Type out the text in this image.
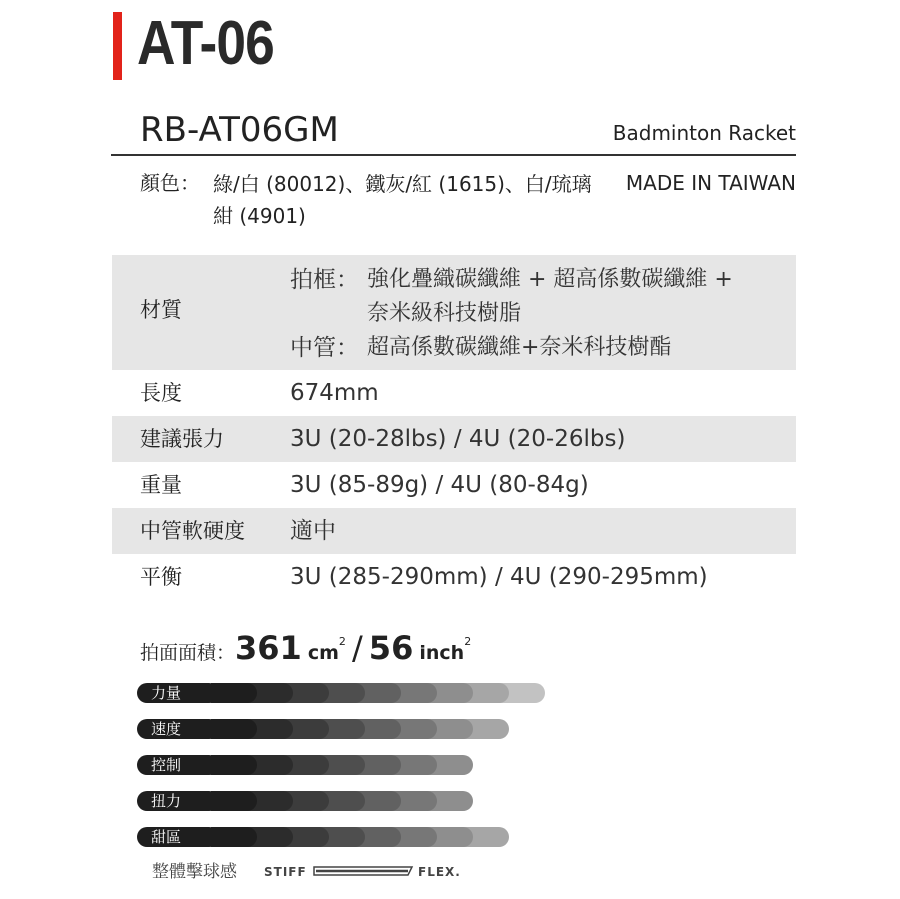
AT-06
RB-AT06GM	Badminton Racket
顏色： 綠/白 (80012)、鐵灰/紅 (1615)、白/琉璃紺 (4901)
MADE IN TAIWAN
材質
拍框： 強化疊織碳纖維 + 超高係數碳纖維 +
奈米級科技樹脂
中管： 超高係數碳纖維+奈米科技樹酯
長度	674mm
建議張力	3U (20-28lbs) / 4U (20-26lbs)
重量	3U (85-89g) / 4U (80-84g)
中管軟硬度 適中
平衡	3U (285-290mm) / 4U (290-295mm)
拍面面積：361 $cm^2 / 56$ inch$^2$
力量
速度
控制
扭力
甜區
整體擊球感 STIFF	FLEX.
